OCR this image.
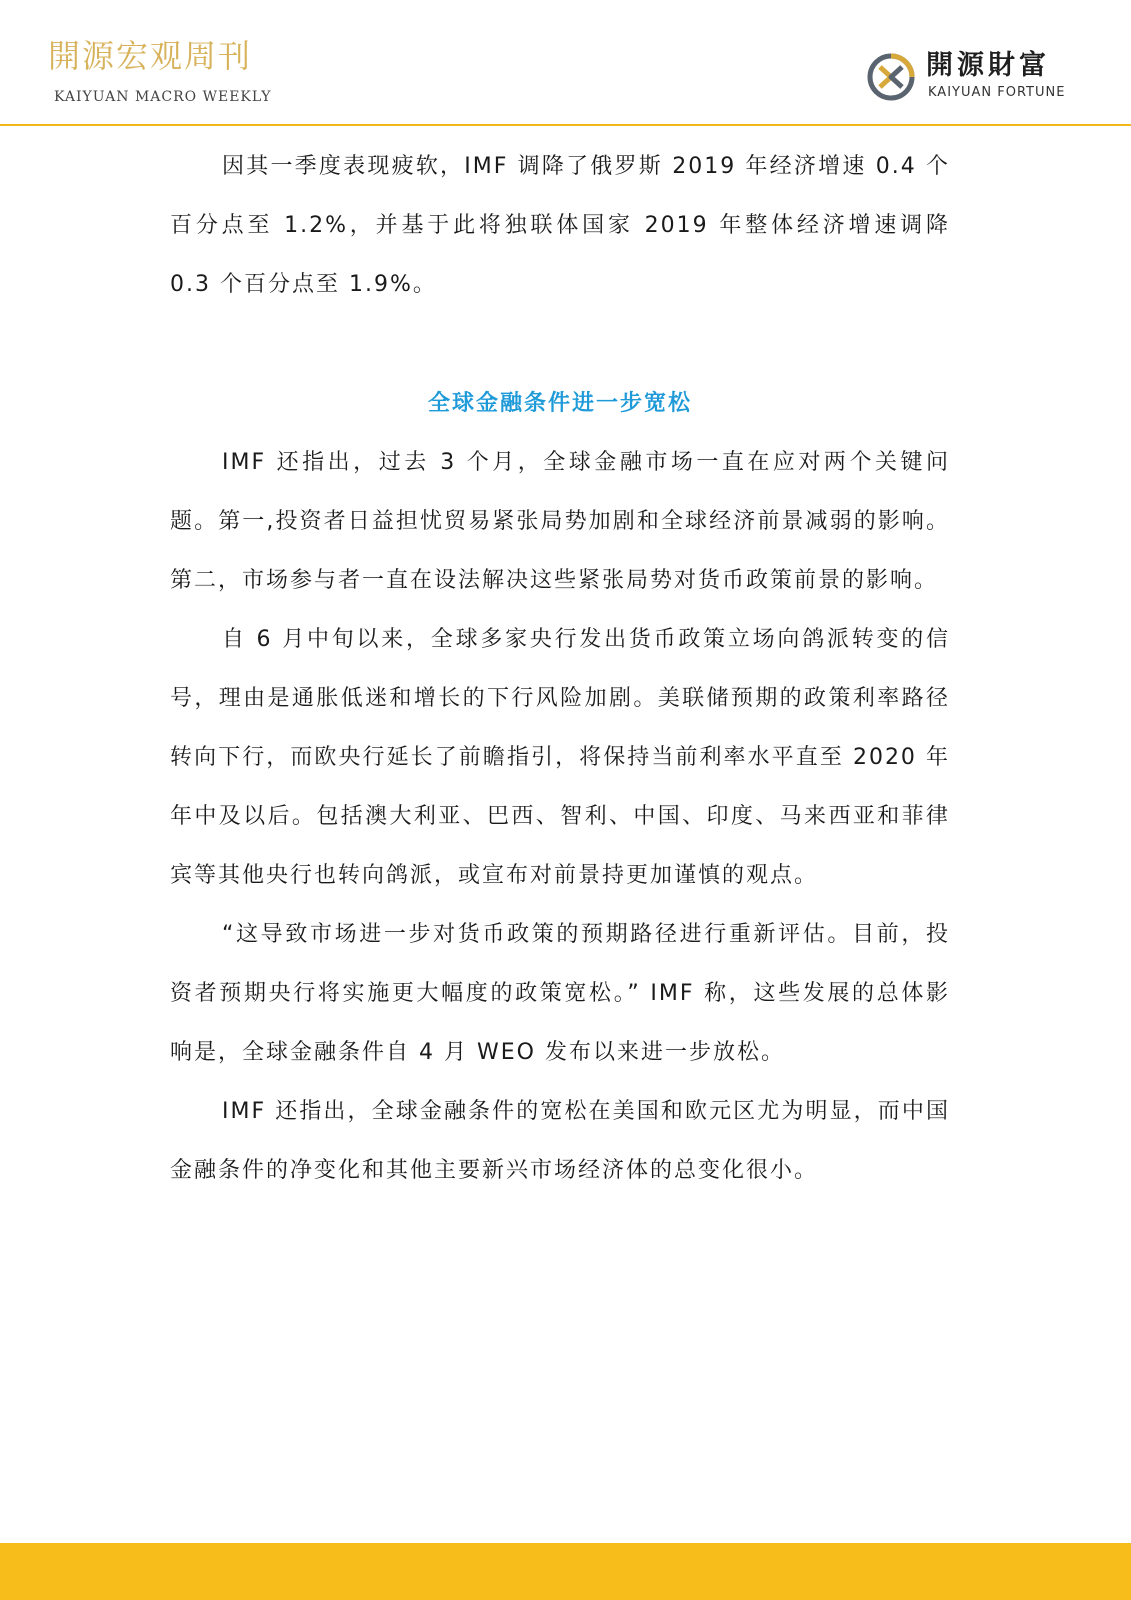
開源宏观周刊
KAIYUAN MACRO WEEKLY
開源財富
KAIYUAN FORTUNE

因其一季度表现疲软，IMF 调降了俄罗斯 2019 年经济增速 0.4 个百分点至 1.2%，并基于此将独联体国家 2019 年整体经济增速调降 0.3 个百分点至 1.9%。

全球金融条件进一步宽松

IMF 还指出，过去 3 个月，全球金融市场一直在应对两个关键问题。第一,投资者日益担忧贸易紧张局势加剧和全球经济前景减弱的影响。第二，市场参与者一直在设法解决这些紧张局势对货币政策前景的影响。

自 6 月中旬以来，全球多家央行发出货币政策立场向鸽派转变的信号，理由是通胀低迷和增长的下行风险加剧。美联储预期的政策利率路径转向下行，而欧央行延长了前瞻指引，将保持当前利率水平直至 2020 年年中及以后。包括澳大利亚、巴西、智利、中国、印度、马来西亚和菲律宾等其他央行也转向鸽派，或宣布对前景持更加谨慎的观点。

“这导致市场进一步对货币政策的预期路径进行重新评估。目前，投资者预期央行将实施更大幅度的政策宽松。” IMF 称，这些发展的总体影响是，全球金融条件自 4 月 WEO 发布以来进一步放松。

IMF 还指出，全球金融条件的宽松在美国和欧元区尤为明显，而中国金融条件的净变化和其他主要新兴市场经济体的总变化很小。
